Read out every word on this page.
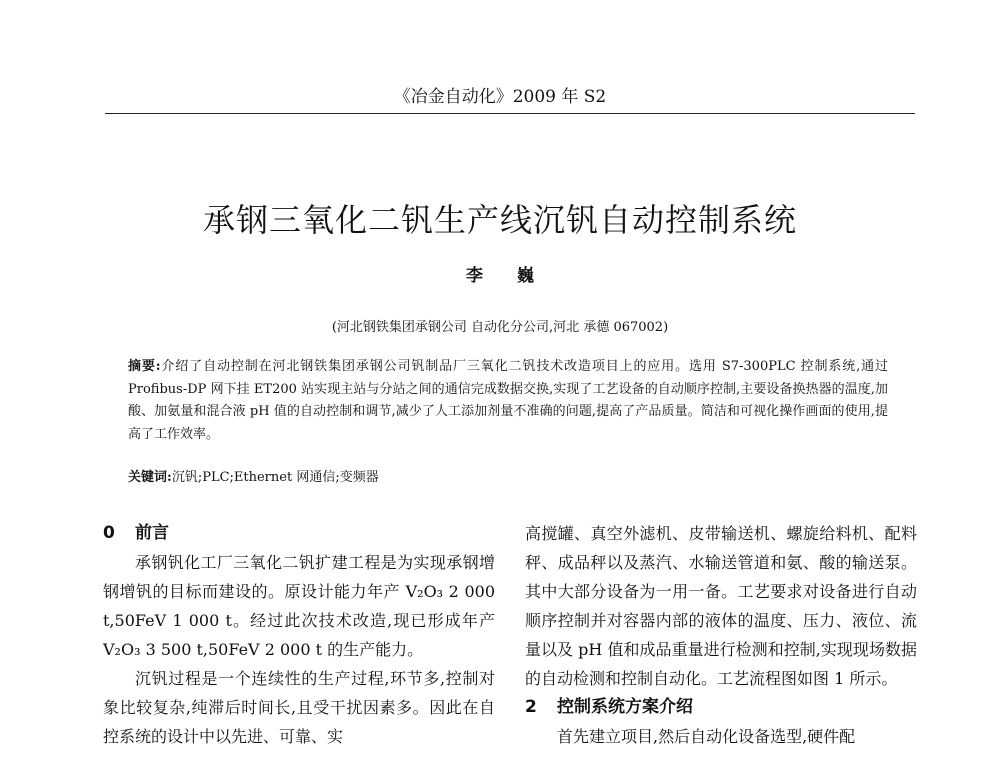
《冶金自动化》2009 年 S2
承钢三氧化二钒生产线沉钒自动控制系统
李 巍
(河北钢铁集团承钢公司 自动化分公司,河北 承德 067002)
摘要:介绍了自动控制在河北钢铁集团承钢公司钒制品厂三氧化二钒技术改造项目上的应用。选用 S7-300PLC 控制系统,通过 Profibus-DP 网下挂 ET200 站实现主站与分站之间的通信完成数据交换,实现了工艺设备的自动顺序控制,主要设备换热器的温度,加酸、加氨量和混合液 pH 值的自动控制和调节,减少了人工添加剂量不准确的问题,提高了产品质量。简洁和可视化操作画面的使用,提高了工作效率。
关键词:沉钒;PLC;Ethernet 网通信;变频器
0 前言

承钢钒化工厂三氧化二钒扩建工程是为实现承钢增钢增钒的目标而建设的。原设计能力年产 V₂O₃ 2 000 t,50FeV 1 000 t。经过此次技术改造,现已形成年产 V₂O₃ 3 500 t,50FeV 2 000 t 的生产能力。

沉钒过程是一个连续性的生产过程,环节多,控制对象比较复杂,纯滞后时间长,且受干扰因素多。因此在自控系统的设计中以先进、可靠、实

高搅罐、真空外滤机、皮带输送机、螺旋给料机、配料秤、成品秤以及蒸汽、水输送管道和氨、酸的输送泵。其中大部分设备为一用一备。工艺要求对设备进行自动顺序控制并对容器内部的液体的温度、压力、液位、流量以及 pH 值和成品重量进行检测和控制,实现现场数据的自动检测和控制自动化。工艺流程图如图 1 所示。

2 控制系统方案介绍

首先建立项目,然后自动化设备选型,硬件配
